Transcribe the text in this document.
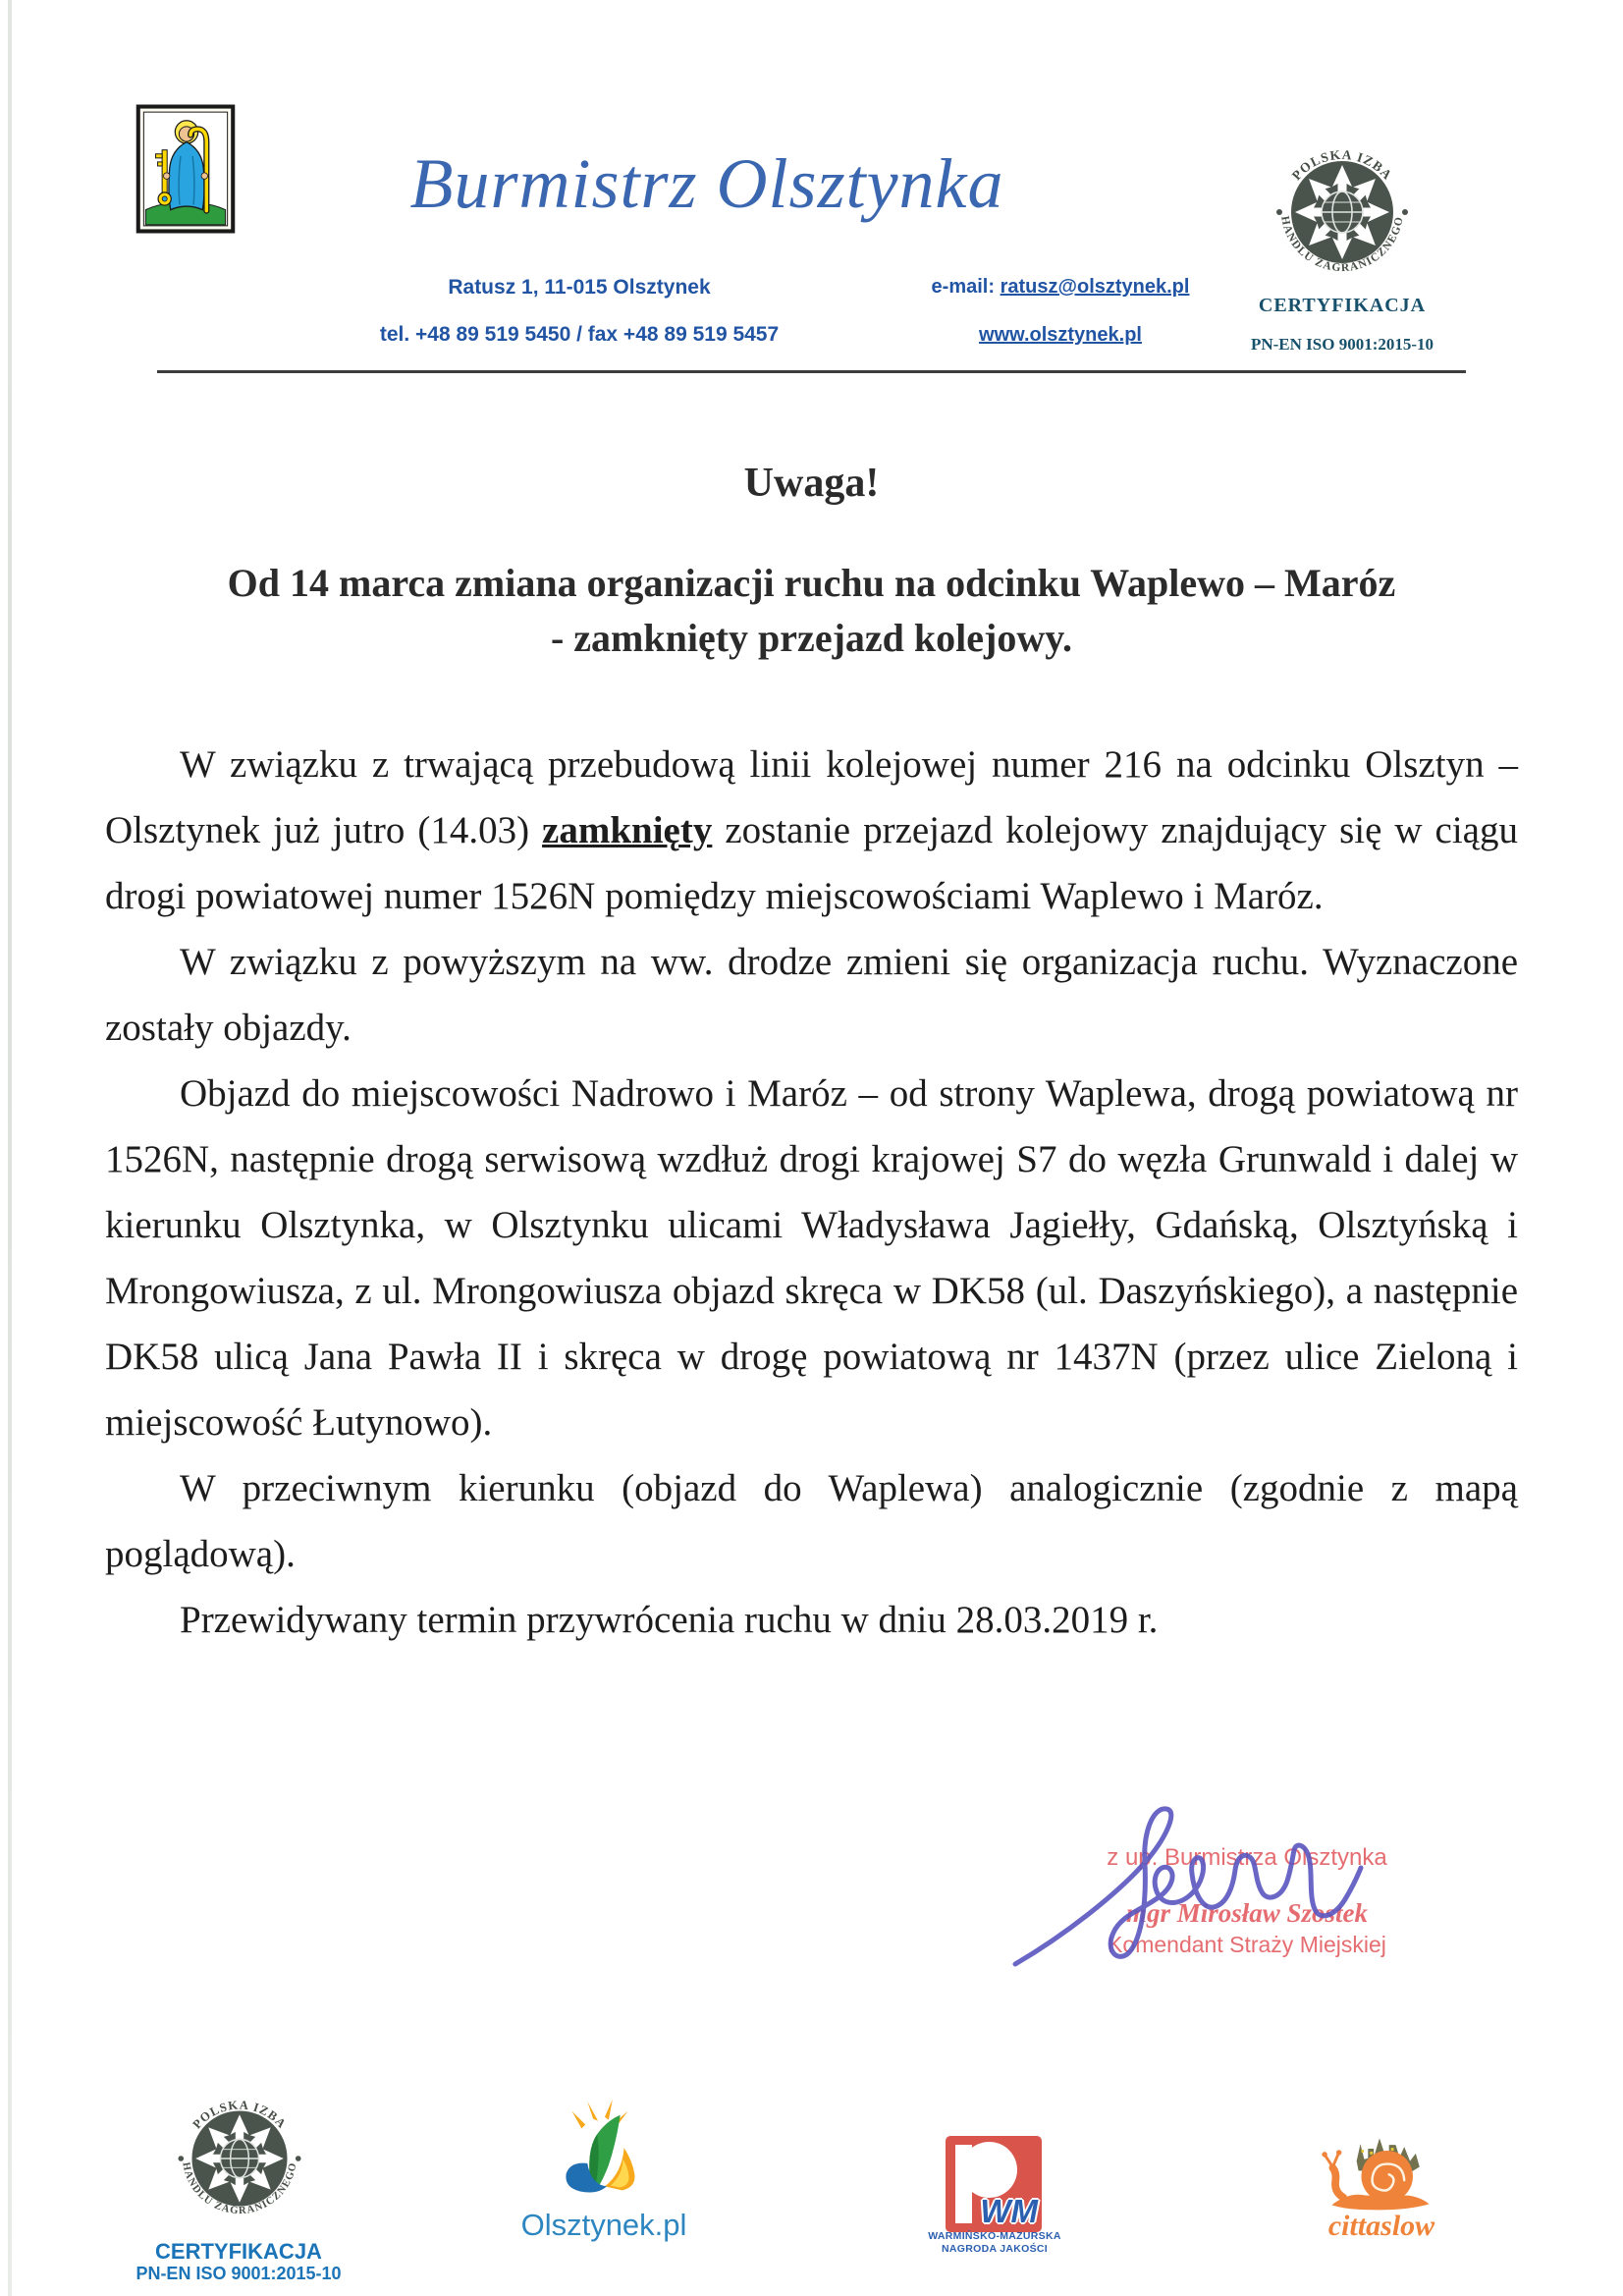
Burmistrz Olsztynka
Ratusz 1, 11-015 Olsztynek
tel. +48 89 519 5450 / fax +48 89 519 5457
e-mail: ratusz@olsztynek.pl
www.olsztynek.pl
POLSKA IZBA
HANDLU ZAGRANICZNEGO
CERTYFIKACJA
PN-EN ISO 9001:2015-10
Uwaga!
Od 14 marca zmiana organizacji ruchu na odcinku Waplewo – Maróz
- zamknięty przejazd kolejowy.

W związku z trwającą przebudową linii kolejowej numer 216 na odcinku Olsztyn – Olsztynek już jutro (14.03) zamknięty zostanie przejazd kolejowy znajdujący się w ciągu drogi powiatowej numer 1526N pomiędzy miejscowościami Waplewo i Maróz.

W związku z powyższym na ww. drodze zmieni się organizacja ruchu. Wyznaczone zostały objazdy.

Objazd do miejscowości Nadrowo i Maróz – od strony Waplewa, drogą powiatową nr 1526N, następnie drogą serwisową wzdłuż drogi krajowej S7 do węzła Grunwald i dalej w kierunku Olsztynka, w Olsztynku ulicami Władysława Jagiełły, Gdańską, Olsztyńską i Mrongowiusza, z ul. Mrongowiusza objazd skręca w DK58 (ul. Daszyńskiego), a następnie DK58 ulicą Jana Pawła II i skręca w drogę powiatową nr 1437N (przez ulice Zieloną i miejscowość Łutynowo).

W przeciwnym kierunku (objazd do Waplewa) analogicznie (zgodnie z mapą poglądową).

Przewidywany termin przywrócenia ruchu w dniu 28.03.2019 r.

z up. Burmistrza Olsztynka
mgr Mirosław Szostek
Komendant Straży Miejskiej
POLSKA IZBA
HANDLU ZAGRANICZNEGO
CERTYFIKACJA
PN-EN ISO 9001:2015-10
Olsztynek.pl	WM
WARMIŃSKO-MAZURSKA
NAGRODA JAKOŚCI
cittaslow
